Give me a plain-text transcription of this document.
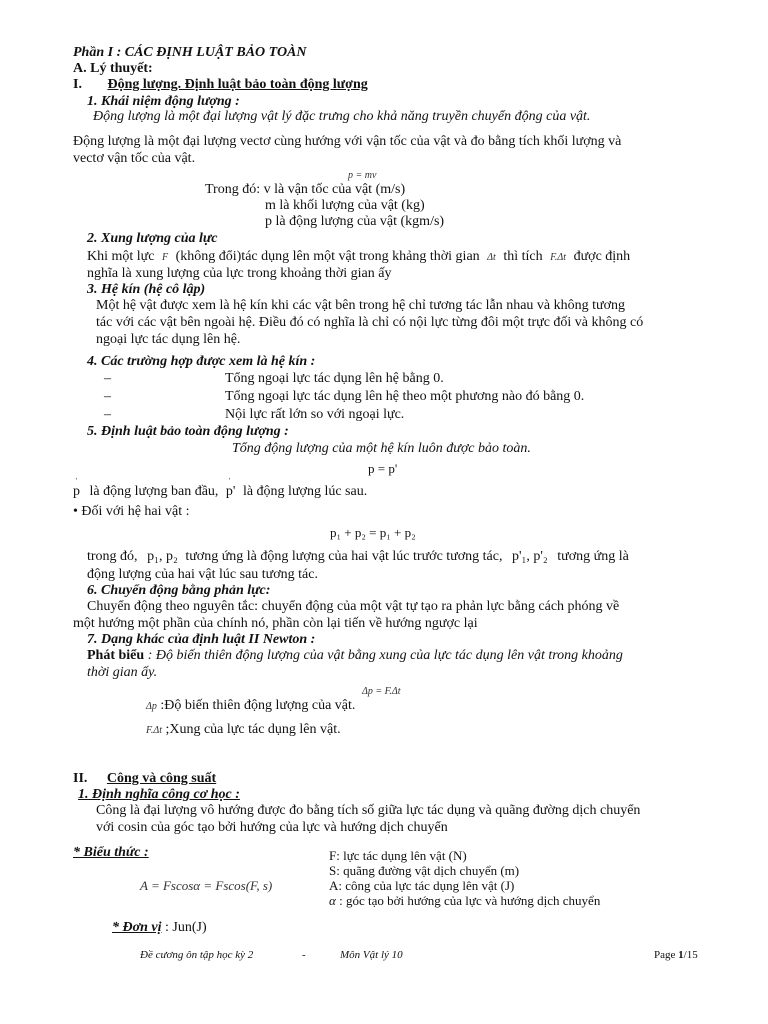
Phần I : CÁC ĐỊNH LUẬT BẢO TOÀN
A. Lý thuyết:
I. Động lượng. Định luật bảo toàn động lượng
1. Khái niệm động lượng :
Động lượng là một đại lượng vật lý đặc trưng cho khả năng truyền chuyển động của vật.
Động lượng là một đại lượng vectơ cùng hướng với vận tốc của vật và đo bằng tích khối lượng và
vectơ vận tốc của vật.
p = mv
Trong đó: v là vận tốc của vật (m/s)
m là khối lượng của vật (kg)
p là động lượng của vật (kgm/s)
2. Xung lượng của lực
Khi một lực F (không đổi)tác dụng lên một vật trong khảng thời gian Δt thì tích F.Δt được định
nghĩa là xung lượng của lực trong khoảng thời gian ấy
3. Hệ kín (hệ cô lập)
Một hệ vật được xem là hệ kín khi các vật bên trong hệ chỉ tương tác lẫn nhau và không tương
tác với các vật bên ngoài hệ. Điều đó có nghĩa là chỉ có nội lực từng đôi một trực đối và không có
ngoại lực tác dụng lên hệ.
4. Các trường hợp được xem là hệ kín :
–	Tổng ngoại lực tác dụng lên hệ bằng 0.
–	Tổng ngoại lực tác dụng lên hệ theo một phương nào đó bằng 0.
–	Nội lực rất lớn so với ngoại lực.
5. Định luật bảo toàn động lượng :
Tổng động lượng của một hệ kín luôn được bảo toàn.
p = p'
ˈ p là động lượng ban đầu, ˈ p' là động lượng lúc sau.
• Đối với hệ hai vật :
p₁ + p₂ = p₁ + p₂
trong đó, p₁, p₂ tương ứng là động lượng của hai vật lúc trước tương tác, p'₁, p'₂ tương ứng là
động lượng của hai vật lúc sau tương tác.
6. Chuyển động bằng phản lực:
Chuyển động theo nguyên tắc: chuyển động của một vật tự tạo ra phản lực bằng cách phóng về
một hướng một phần của chính nó, phần còn lại tiến về hướng ngược lại
7. Dạng khác của định luật II Newton :
Phát biểu : Độ biến thiên động lượng của vật bằng xung của lực tác dụng lên vật trong khoảng
thời gian ấy.
Δp = F.Δt
Δp :Độ biến thiên động lượng của vật.
F.Δt ;Xung của lực tác dụng lên vật.
II. Công và công suất
1. Định nghĩa công cơ học :
Công là đại lượng vô hướng được đo bằng tích số giữa lực tác dụng và quãng đường dịch chuyển
với cosin của góc tạo bởi hướng của lực và hướng dịch chuyển
* Biểu thức :
A = Fscosα = Fscos(F, s)
F: lực tác dụng lên vật (N)
S: quãng đường vật dịch chuyển (m)
A: công của lực tác dụng lên vật (J)
α : góc tạo bởi hướng của lực và hướng dịch chuyển
* Đơn vị : Jun(J)
Đề cương ôn tập học kỳ 2	-	Môn Vật lý 10	Page 1/15
